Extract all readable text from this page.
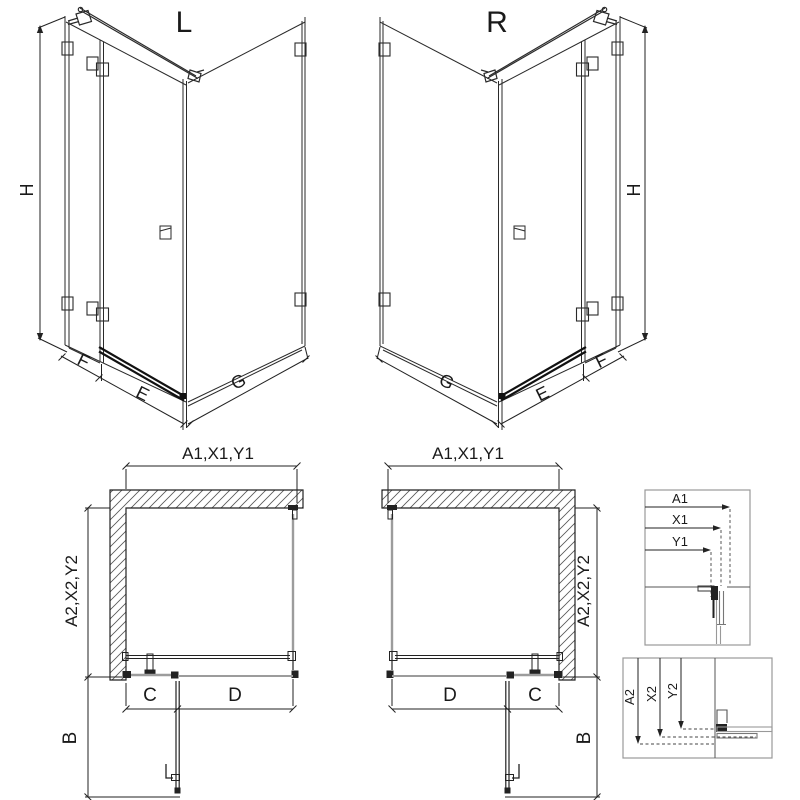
L
H
F
E	G
R
H
F
E
G
A1,X1,Y1
A2,X2,Y2
C	D
B
A1,X1,Y1
A2,X2,Y2
C
D
B
A1
X1
Y1
A2 X2 Y2
